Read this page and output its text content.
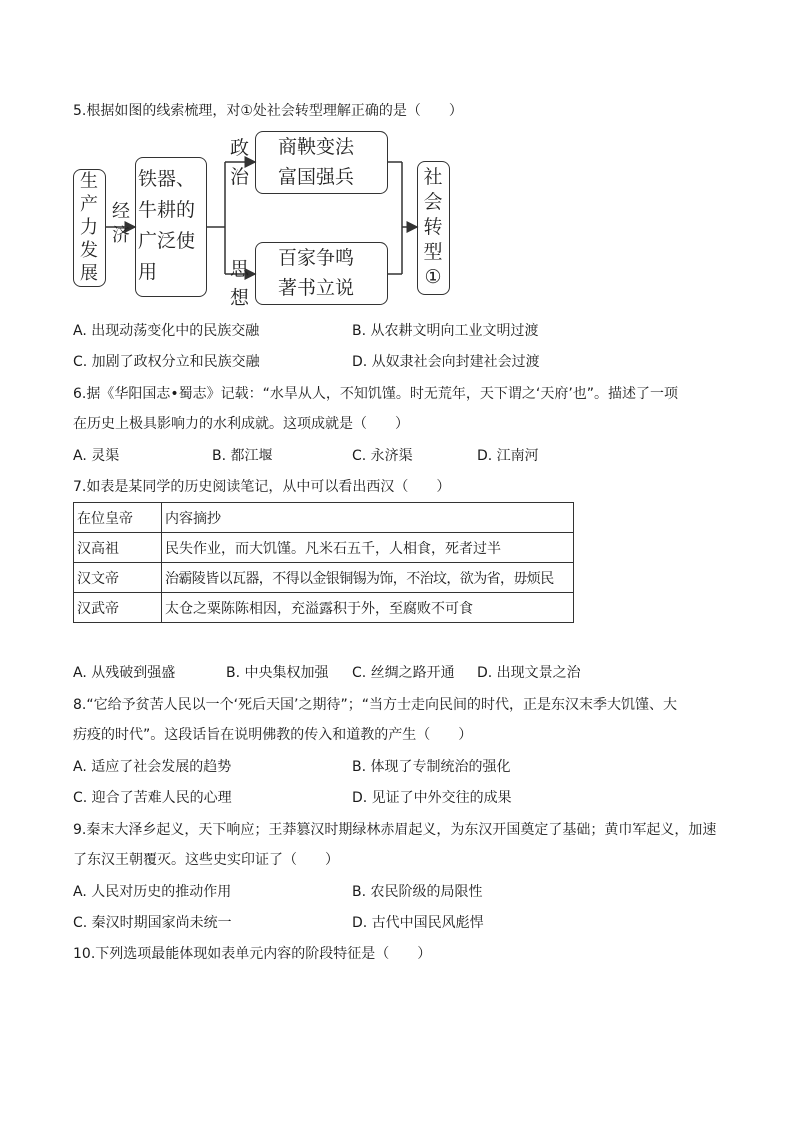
5.根据如图的线索梳理，对①处社会转型理解正确的是（　　）
生产力发展
经济
铁器、
牛耕的
广泛使
用
政
治
思
想
商鞅变法
富国强兵
百家争鸣
著书立说
社会转型①
A. 出现动荡变化中的民族交融	B. 从农耕文明向工业文明过渡
C. 加剧了政权分立和民族交融	D. 从奴隶社会向封建社会过渡
6.据《华阳国志•蜀志》记载：“水旱从人，不知饥馑。时无荒年，天下谓之‘天府’也”。描述了一项
在历史上极具影响力的水利成就。这项成就是（　　）
A. 灵渠	B. 都江堰	C. 永济渠	D. 江南河
7.如表是某同学的历史阅读笔记，从中可以看出西汉（　　）
在位皇帝	内容摘抄
汉高祖	民失作业，而大饥馑。凡米石五千，人相食，死者过半
汉文帝	治霸陵皆以瓦器，不得以金银铜锡为饰，不治坟，欲为省，毋烦民
汉武帝	太仓之粟陈陈相因，充溢露积于外，至腐败不可食
A. 从残破到强盛	B. 中央集权加强 C. 丝绸之路开通 D. 出现文景之治
8.“它给予贫苦人民以一个‘死后天国’之期待”；“当方士走向民间的时代，正是东汉末季大饥馑、大
疠疫的时代”。这段话旨在说明佛教的传入和道教的产生（　　）
A. 适应了社会发展的趋势	B. 体现了专制统治的强化
C. 迎合了苦难人民的心理	D. 见证了中外交往的成果
9.秦末大泽乡起义，天下响应；王莽篡汉时期绿林赤眉起义，为东汉开国奠定了基础；黄巾军起义，加速
了东汉王朝覆灭。这些史实印证了（　　）
A. 人民对历史的推动作用	B. 农民阶级的局限性
C. 秦汉时期国家尚未统一	D. 古代中国民风彪悍
10.下列选项最能体现如表单元内容的阶段特征是（　　）
